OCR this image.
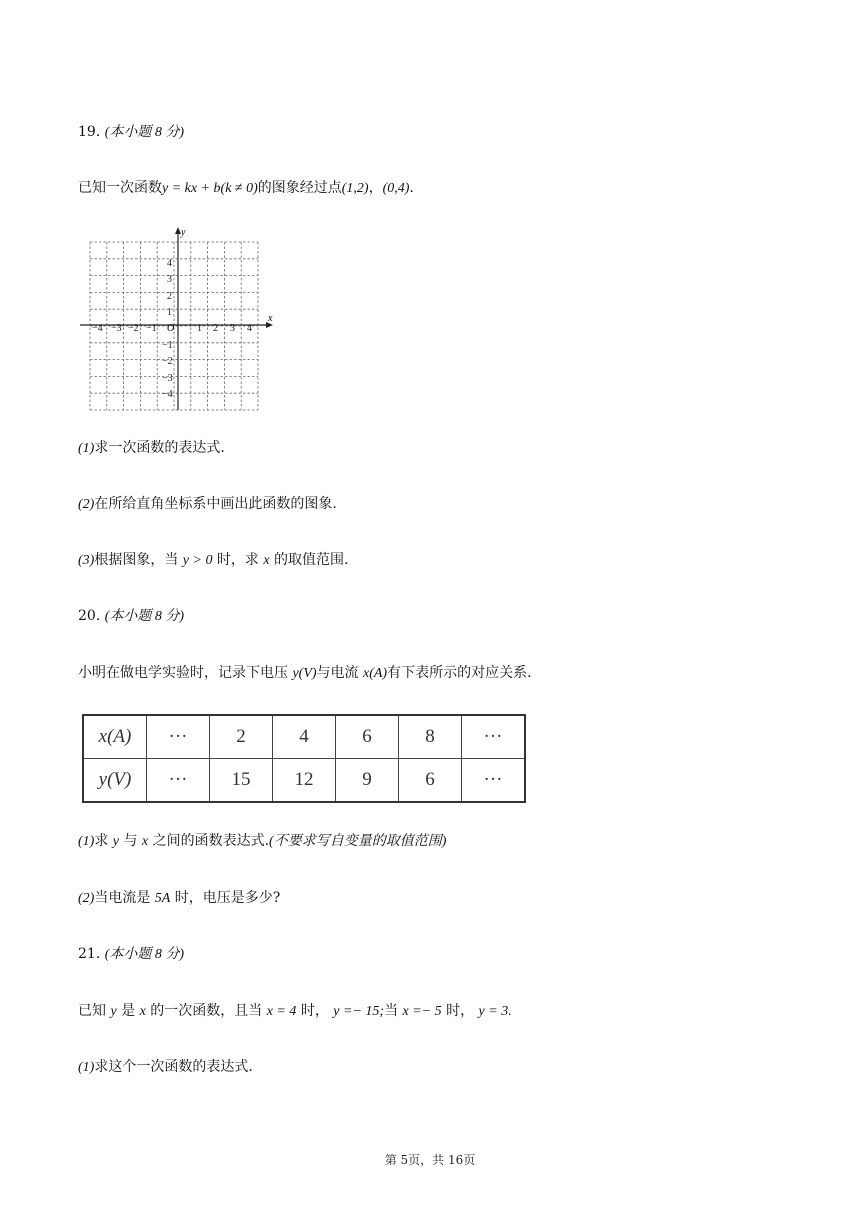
19. (本小题 8 分)
已知一次函数y = kx + b(k ≠ 0)的图象经过点(1,2)，(0,4).
x
y
O
−4 −3 −2 −1	1 2 3 4
4
3
2
1
−1
−2
−3
−4
(1)求一次函数的表达式.
(2)在所给直角坐标系中画出此函数的图象.
(3)根据图象，当 y > 0 时，求 x 的取值范围.
20. (本小题 8 分)
小明在做电学实验时，记录下电压 y(V)与电流 x(A)有下表所示的对应关系.
x(A)	···	2	4	6	8	···
y(V)	···	15	12	9	6	···
(1)求 y 与 x 之间的函数表达式.(不要求写自变量的取值范围)
(2)当电流是 5A 时，电压是多少?
21. (本小题 8 分)
已知 y 是 x 的一次函数，且当 x = 4 时， y =− 15;当 x =− 5 时， y = 3.
(1)求这个一次函数的表达式.
第 5页，共 16页
